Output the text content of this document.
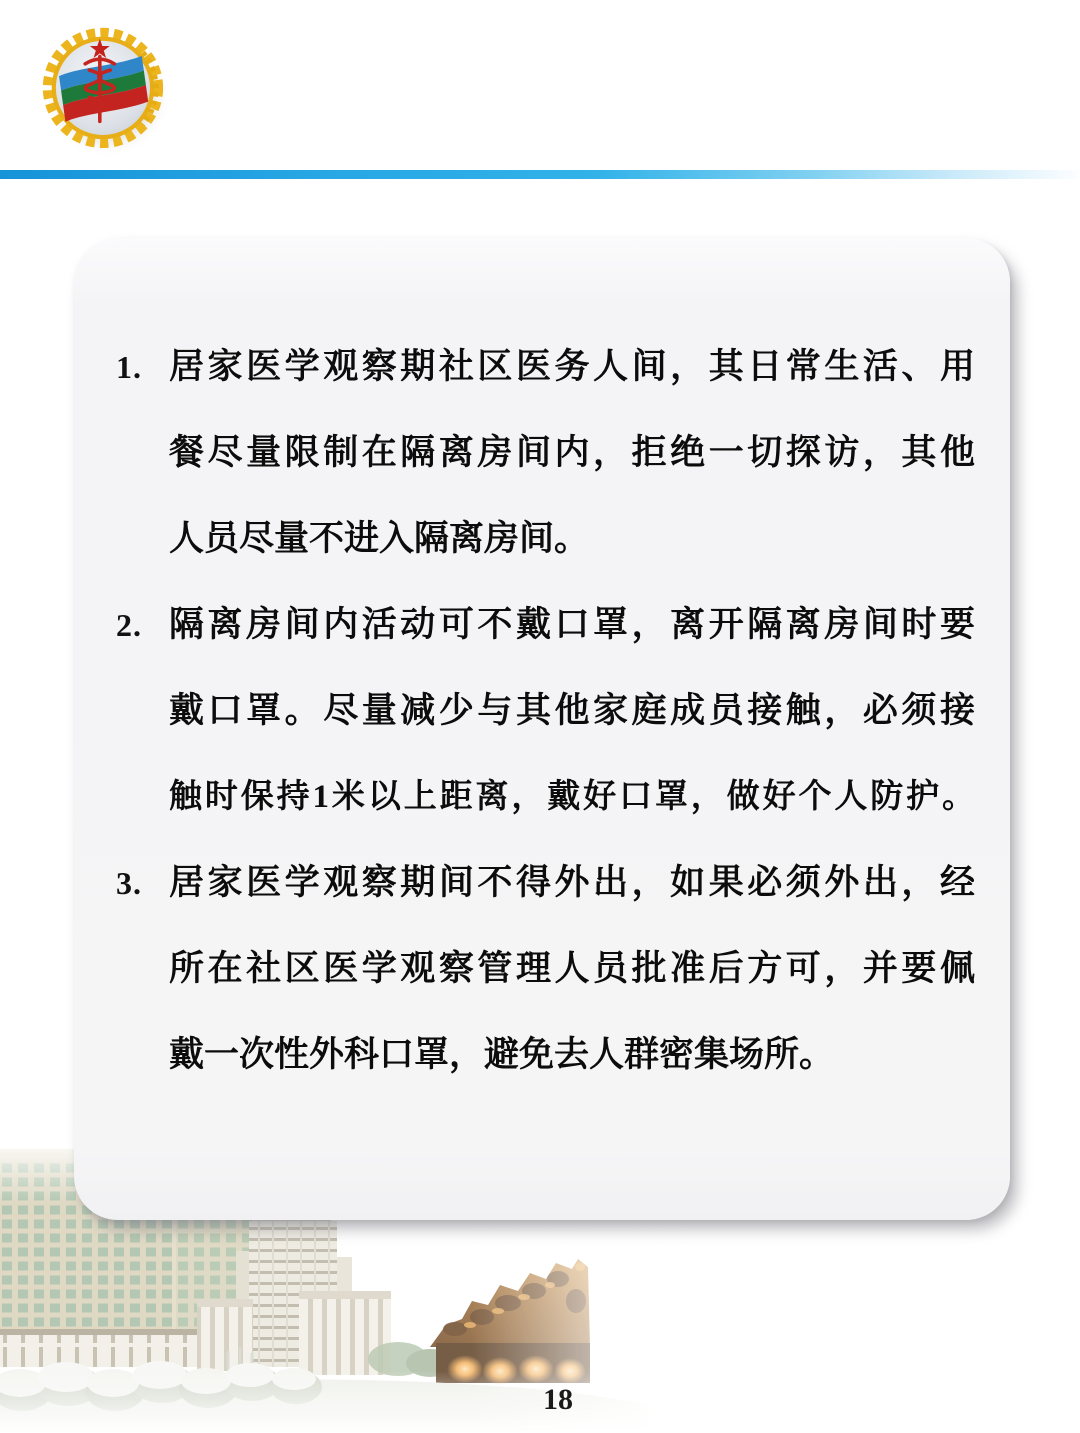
1. 居家医学观察期社区医务人间，其日常生活、用
餐尽量限制在隔离房间内，拒绝一切探访，其他
人员尽量不进入隔离房间。
2. 隔离房间内活动可不戴口罩，离开隔离房间时要
戴口罩。尽量减少与其他家庭成员接触，必须接
触时保持1米以上距离，戴好口罩，做好个人防护。
3. 居家医学观察期间不得外出，如果必须外出，经
所在社区医学观察管理人员批准后方可，并要佩
戴一次性外科口罩，避免去人群密集场所。
18
